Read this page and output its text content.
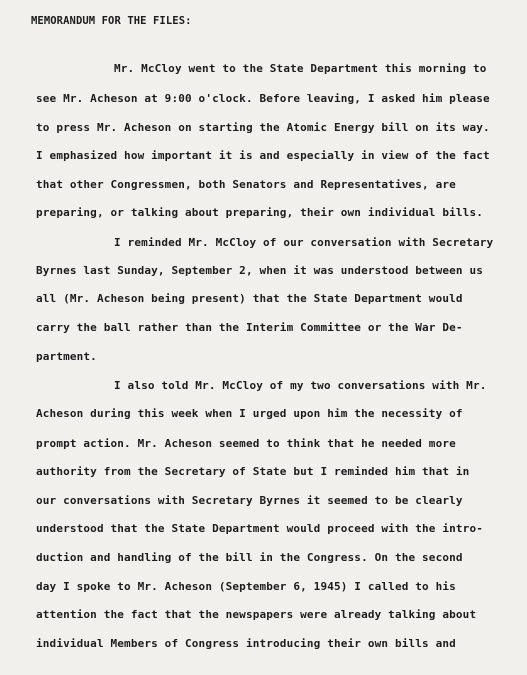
MEMORANDUM FOR THE FILES:
Mr. McCloy went to the State Department this morning to
see Mr. Acheson at 9:00 o'clock. Before leaving, I asked him please
to press Mr. Acheson on starting the Atomic Energy bill on its way.
I emphasized how important it is and especially in view of the fact
that other Congressmen, both Senators and Representatives, are
preparing, or talking about preparing, their own individual bills.
I reminded Mr. McCloy of our conversation with Secretary
Byrnes last Sunday, September 2, when it was understood between us
all (Mr. Acheson being present) that the State Department would
carry the ball rather than the Interim Committee or the War De-
partment.
I also told Mr. McCloy of my two conversations with Mr.
Acheson during this week when I urged upon him the necessity of
prompt action. Mr. Acheson seemed to think that he needed more
authority from the Secretary of State but I reminded him that in
our conversations with Secretary Byrnes it seemed to be clearly
understood that the State Department would proceed with the intro-
duction and handling of the bill in the Congress. On the second
day I spoke to Mr. Acheson (September 6, 1945) I called to his
attention the fact that the newspapers were already talking about
individual Members of Congress introducing their own bills and
